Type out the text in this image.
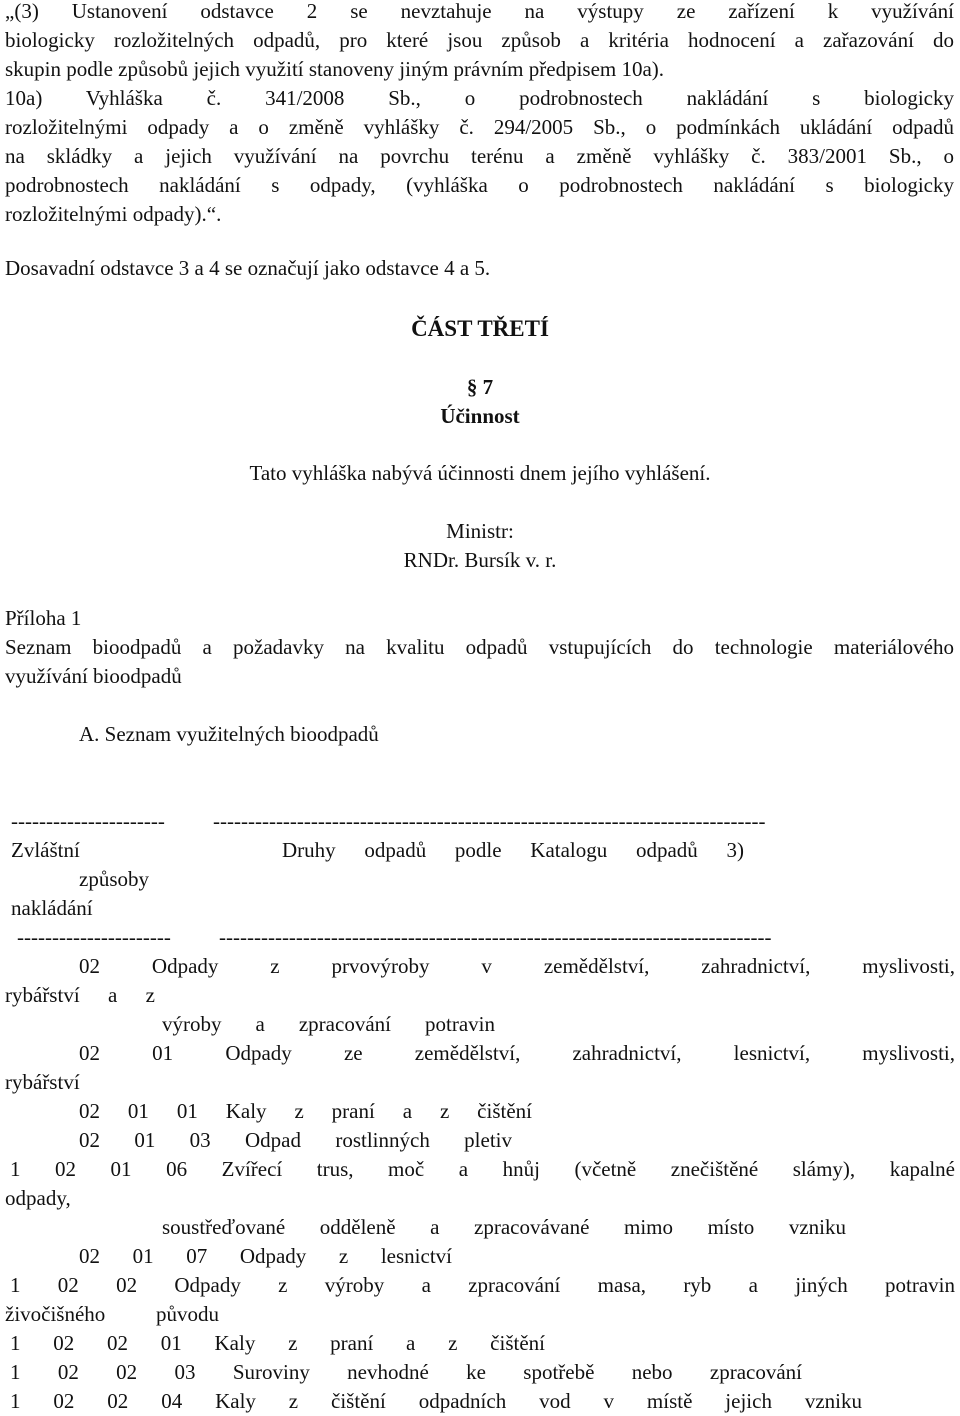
„(3) Ustanovení odstavce 2 se nevztahuje na výstupy ze zařízení k využívání
biologicky rozložitelných odpadů, pro které jsou způsob a kritéria hodnocení a zařazování do
skupin podle způsobů jejich využití stanoveny jiným právním předpisem 10a).
10a) Vyhláška č. 341/2008 Sb., o podrobnostech nakládání s biologicky
rozložitelnými odpady a o změně vyhlášky č. 294/2005 Sb., o podmínkách ukládání odpadů
na skládky a jejich využívání na povrchu terénu a změně vyhlášky č. 383/2001 Sb., o
podrobnostech nakládání s odpady, (vyhláška o podrobnostech nakládání s biologicky
rozložitelnými odpady).“.
Dosavadní odstavce 3 a 4 se označují jako odstavce 4 a 5.
ČÁST TŘETÍ
§ 7
Účinnost
Tato vyhláška nabývá účinnosti dnem jejího vyhlášení.
Ministr:
RNDr. Bursík v. r.
Příloha 1
Seznam bioodpadů a požadavky na kvalitu odpadů vstupujících do technologie materiálového
využívání bioodpadů
A. Seznam využitelných bioodpadů
----------------------	-------------------------------------------------------------------------------
Zvláštní	Druhy odpadů podle Katalogu odpadů 3)
způsoby
nakládání
----------------------	-------------------------------------------------------------------------------
02 Odpady z prvovýroby v zemědělství, zahradnictví, myslivosti,
rybářství a z
výroby a zpracování potravin
02 01 Odpady ze zemědělství, zahradnictví, lesnictví, myslivosti,
rybářství
02 01 01 Kaly z praní a z čištění
02 01 03 Odpad rostlinných pletiv
1 02 01 06 Zvířecí trus, moč a hnůj (včetně znečištěné slámy), kapalné
odpady,
soustřeďované odděleně a zpracovávané mimo místo vzniku
02 01 07 Odpady z lesnictví
1 02 02 Odpady z výroby a zpracování masa, ryb a jiných potravin
živočišného původu
1 02 02 01 Kaly z praní a z čištění
1 02 02 03 Suroviny nevhodné ke spotřebě nebo zpracování
1 02 02 04 Kaly z čištění odpadních vod v místě jejich vzniku
